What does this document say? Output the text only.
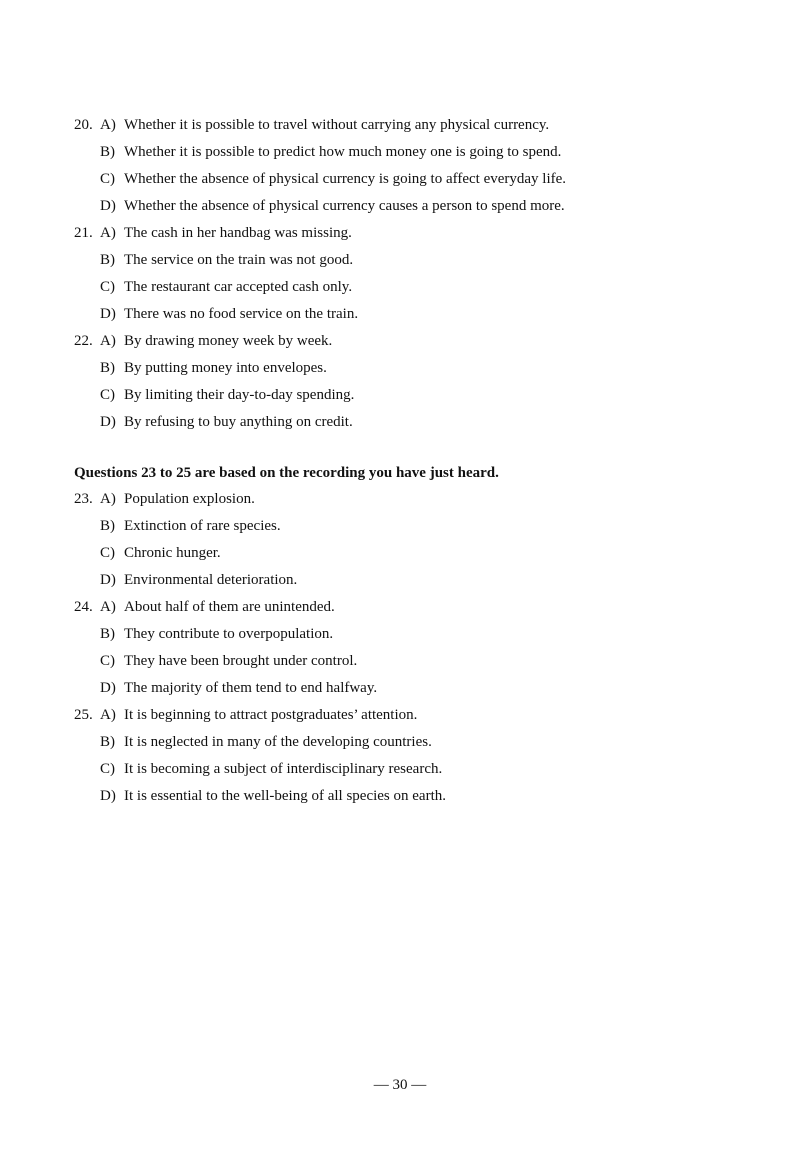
20. A) Whether it is possible to travel without carrying any physical currency.
B) Whether it is possible to predict how much money one is going to spend.
C) Whether the absence of physical currency is going to affect everyday life.
D) Whether the absence of physical currency causes a person to spend more.
21. A) The cash in her handbag was missing.
B) The service on the train was not good.
C) The restaurant car accepted cash only.
D) There was no food service on the train.
22. A) By drawing money week by week.
B) By putting money into envelopes.
C) By limiting their day-to-day spending.
D) By refusing to buy anything on credit.
Questions 23 to 25 are based on the recording you have just heard.
23. A) Population explosion.
B) Extinction of rare species.
C) Chronic hunger.
D) Environmental deterioration.
24. A) About half of them are unintended.
B) They contribute to overpopulation.
C) They have been brought under control.
D) The majority of them tend to end halfway.
25. A) It is beginning to attract postgraduates’ attention.
B) It is neglected in many of the developing countries.
C) It is becoming a subject of interdisciplinary research.
D) It is essential to the well-being of all species on earth.
— 30 —
